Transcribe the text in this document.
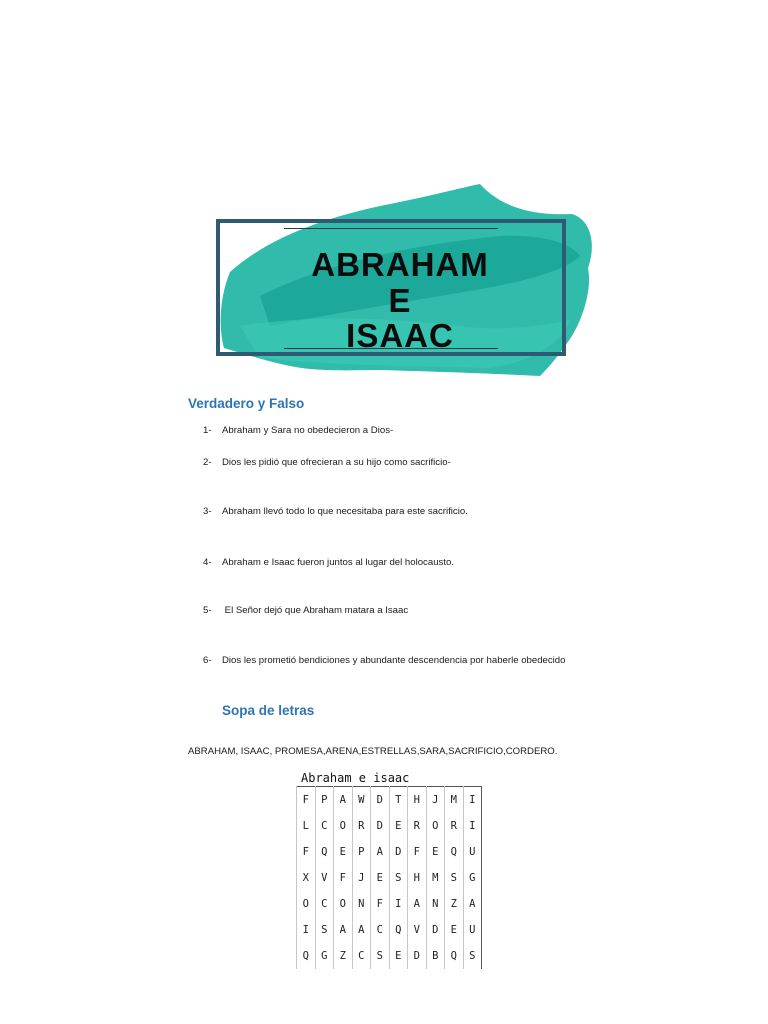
ABRAHAM
E
ISAAC
Verdadero y Falso
1- Abraham y Sara no obedecieron a Dios-
2- Dios les pidió que ofrecieran a su hijo como sacrificio-
3- Abraham llevó todo lo que necesitaba para este sacrificio.
4- Abraham e Isaac fueron juntos al lugar del holocausto.
5- El Señor dejó que Abraham matara a Isaac
6- Dios les prometió bendiciones y abundante descendencia por haberle obedecido
Sopa de letras
ABRAHAM, ISAAC, PROMESA,ARENA,ESTRELLAS,SARA,SACRIFICIO,CORDERO.
Abraham e isaac
F	P	A	W	D	T	H	J	M	I
L	C	O	R	D	E	R	O	R	I
F	Q	E	P	A	D	F	E	Q	U
X	V	F	J	E	S	H	M	S	G
O	C	O	N	F	I	A	N	Z	A
I	S	A	A	C	Q	V	D	E	U
Q	G	Z	C	S	E	D	B	Q	S
